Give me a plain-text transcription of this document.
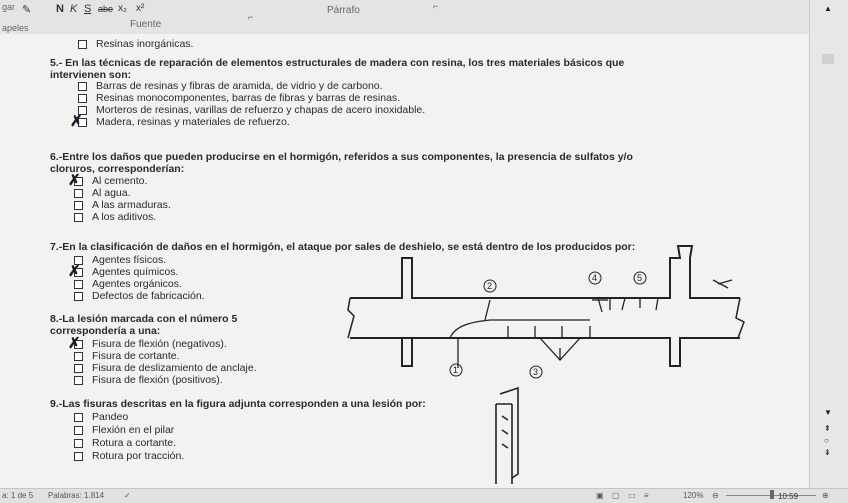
gar ✎ N K S abe x₂ x²
apeles	Fuente
Párrafo
⌐
⌐
Resinas inorgánicas.
5.- En las técnicas de reparación de elementos estructurales de madera con resina, los tres materiales básicos que
intervienen son:
Barras de resinas y fibras de aramida, de vidrio y de carbono.
Resinas monocomponentes, barras de fibras y barras de resinas.
Morteros de resinas, varillas de refuerzo y chapas de acero inoxidable.
Madera, resinas y materiales de refuerzo.
✗
6.-Entre los daños que pueden producirse en el hormigón, referidos a sus componentes, la presencia de sulfatos y/o
cloruros, corresponderían:
Al cemento.
Al agua.
A las armaduras.
A los aditivos.
✗
7.-En la clasificación de daños en el hormigón, el ataque por sales de deshielo, se está dentro de los producidos por:
Agentes físicos.
Agentes químicos.
Agentes orgánicos.
Defectos de fabricación.
✗
8.-La lesión marcada con el número 5
correspondería a una:
Fisura de flexión (negativos).
Fisura de cortante.
Fisura de deslizamiento de anclaje.
Fisura de flexión (positivos).
✗
9.-Las fisuras descritas en la figura adjunta corresponden a una lesión por:
Pandeo
Flexión en el pilar
Rotura a cortante.
Rotura por tracción.
2
4	5
1	3
▲
▼
⇞
○
⇟
a: 1 de 5 Palabras: 1.814 ✓	▣ ▢ ▭ ≡	120% ⊖	⊕
10:59
